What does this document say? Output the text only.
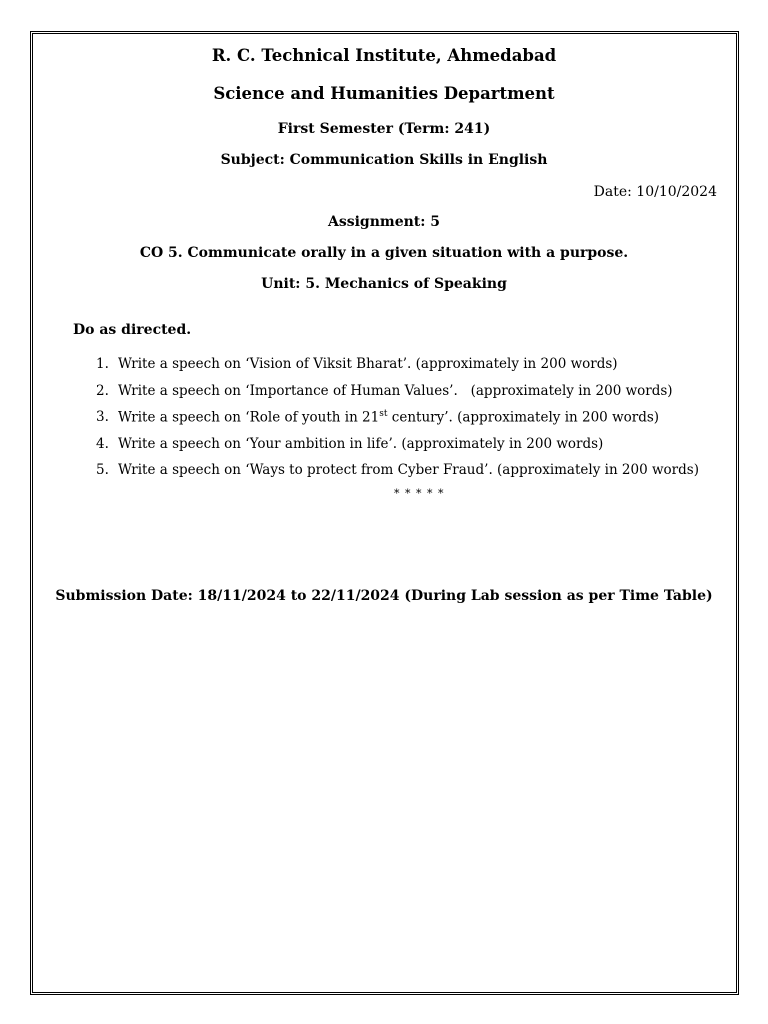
R. C. Technical Institute, Ahmedabad
Science and Humanities Department
First Semester (Term: 241)
Subject: Communication Skills in English
Date: 10/10/2024
Assignment: 5
CO 5. Communicate orally in a given situation with a purpose.
Unit: 5. Mechanics of Speaking
Do as directed.
1. Write a speech on ‘Vision of Viksit Bharat’. (approximately in 200 words)
2. Write a speech on ‘Importance of Human Values’.   (approximately in 200 words)
3. Write a speech on ‘Role of youth in 21st century’. (approximately in 200 words)
4. Write a speech on ‘Your ambition in life’. (approximately in 200 words)
5. Write a speech on ‘Ways to protect from Cyber Fraud’. (approximately in 200 words)
* * * * *
Submission Date: 18/11/2024 to 22/11/2024 (During Lab session as per Time Table)
